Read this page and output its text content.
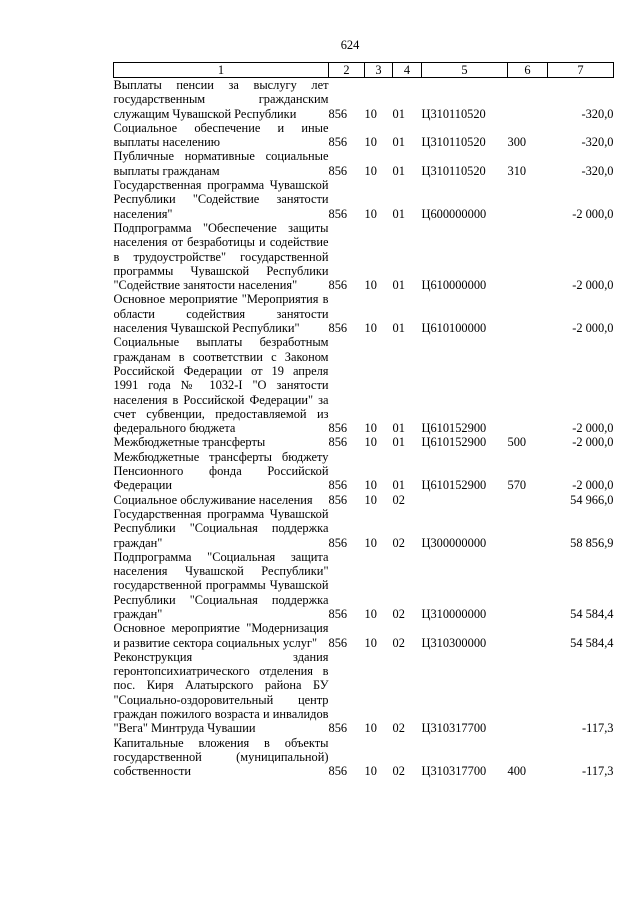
624
1	2	3	4	5	6	7
Выплаты пенсии за выслугу лет государственным гражданским служащим Чувашской Республики	856	10	01	Ц310110520		-320,0
Социальное обеспечение и иные выплаты населению	856	10	01	Ц310110520	300	-320,0
Публичные нормативные социальные выплаты гражданам	856	10	01	Ц310110520	310	-320,0
Государственная программа Чувашской Республики "Содействие занятости населения"	856	10	01	Ц600000000		-2 000,0
Подпрограмма "Обеспечение защиты населения от безработицы и содействие в трудоустройстве" государственной программы Чувашской Республики "Содействие занятости населения"	856	10	01	Ц610000000		-2 000,0
Основное мероприятие "Мероприятия в области содействия занятости населения Чувашской Республики"	856	10	01	Ц610100000		-2 000,0
Социальные выплаты безработным гражданам в соответствии с Законом Российской Федерации от 19 апреля 1991 года № 1032-I "О занятости населения в Российской Федерации" за счет субвенции, предоставляемой из федерального бюджета	856	10	01	Ц610152900		-2 000,0
Межбюджетные трансферты	856	10	01	Ц610152900	500	-2 000,0
Межбюджетные трансферты бюджету Пенсионного фонда Российской Федерации	856	10	01	Ц610152900	570	-2 000,0
Социальное обслуживание населения	856	10	02			54 966,0
Государственная программа Чувашской Республики "Социальная поддержка граждан"	856	10	02	Ц300000000		58 856,9
Подпрограмма "Социальная защита населения Чувашской Республики" государственной программы Чувашской Республики "Социальная поддержка граждан"	856	10	02	Ц310000000		54 584,4
Основное мероприятие "Модернизация и развитие сектора социальных услуг"	856	10	02	Ц310300000		54 584,4
Реконструкция здания геронтопсихиатрического отделения в пос. Киря Алатырского района БУ "Социально-оздоровительный центр граждан пожилого возраста и инвалидов "Вега" Минтруда Чувашии	856	10	02	Ц310317700		-117,3
Капитальные вложения в объекты государственной (муниципальной) собственности	856	10	02	Ц310317700	400	-117,3
